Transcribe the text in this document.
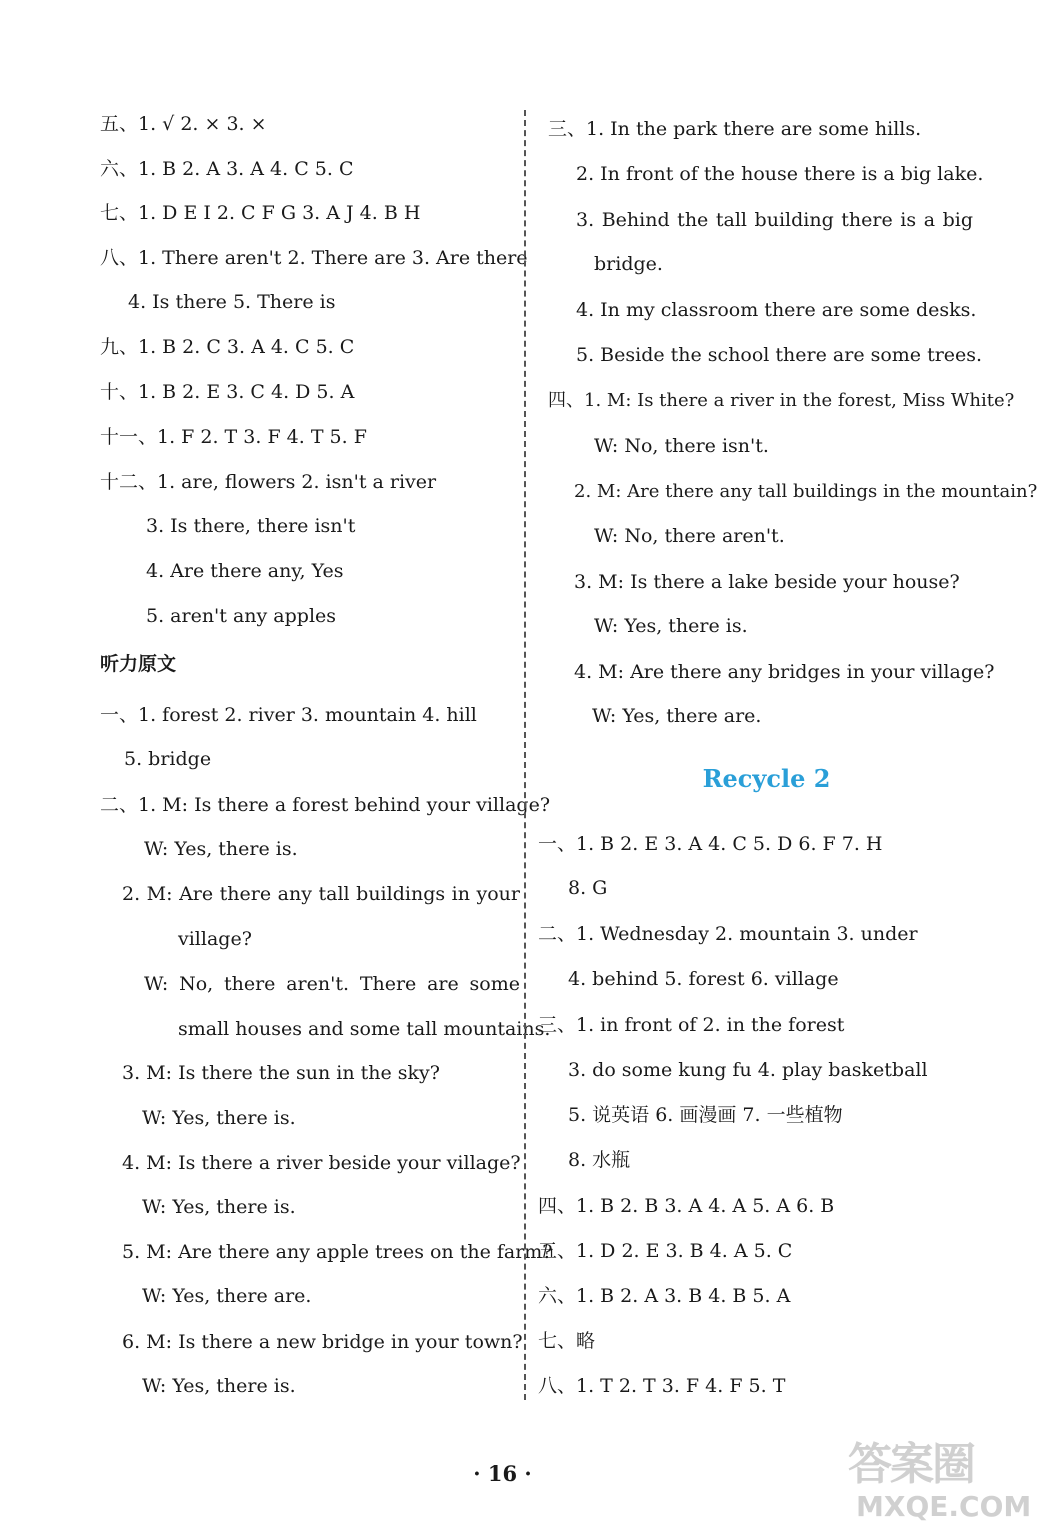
五、1. √ 2. × 3. ×
六、1. B 2. A 3. A 4. C 5. C
七、1. D E I 2. C F G 3. A J 4. B H
八、1. There aren't 2. There are 3. Are there
4. Is there 5. There is
九、1. B 2. C 3. A 4. C 5. C
十、1. B 2. E 3. C 4. D 5. A
十一、1. F 2. T 3. F 4. T 5. F
十二、1. are, flowers 2. isn't a river
3. Is there, there isn't
4. Are there any, Yes
5. aren't any apples
听力原文
一、1. forest 2. river 3. mountain 4. hill
5. bridge
二、1. M: Is there a forest behind your village?
W: Yes, there is.
2. M: Are there any tall buildings in your
village?
W: No, there aren't. There are some
small houses and some tall mountains.
3. M: Is there the sun in the sky?
W: Yes, there is.
4. M: Is there a river beside your village?
W: Yes, there is.
5. M: Are there any apple trees on the farm?
W: Yes, there are.
6. M: Is there a new bridge in your town?
W: Yes, there is.
三、1. In the park there are some hills.
2. In front of the house there is a big lake.
3. Behind the tall building there is a big
bridge.
4. In my classroom there are some desks.
5. Beside the school there are some trees.
四、1. M: Is there a river in the forest, Miss White?
W: No, there isn't.
2. M: Are there any tall buildings in the mountain?
W: No, there aren't.
3. M: Is there a lake beside your house?
W: Yes, there is.
4. M: Are there any bridges in your village?
W: Yes, there are.
Recycle 2
一、1. B 2. E 3. A 4. C 5. D 6. F 7. H
8. G
二、1. Wednesday 2. mountain 3. under
4. behind 5. forest 6. village
三、1. in front of 2. in the forest
3. do some kung fu 4. play basketball
5. 说英语 6. 画漫画 7. 一些植物
8. 水瓶
四、1. B 2. B 3. A 4. A 5. A 6. B
五、1. D 2. E 3. B 4. A 5. C
六、1. B 2. A 3. B 4. B 5. A
七、略
八、1. T 2. T 3. F 4. F 5. T
· 16 ·	答案圈
MXQE.COM
